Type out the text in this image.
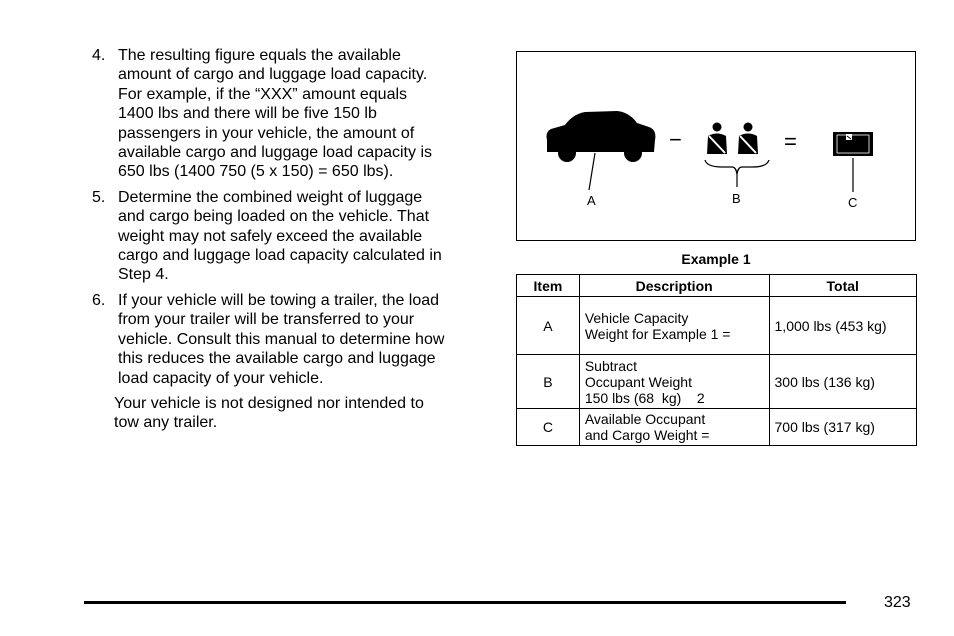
4. The resulting figure equals the available
amount of cargo and luggage load capacity.
For example, if the “XXX” amount equals
1400 lbs and there will be five 150 lb
passengers in your vehicle, the amount of
available cargo and luggage load capacity is
650 lbs (1400 750 (5 x 150) = 650 lbs).
5. Determine the combined weight of luggage
and cargo being loaded on the vehicle. That
weight may not safely exceed the available
cargo and luggage load capacity calculated in
Step 4.
6. If your vehicle will be towing a trailer, the load
from your trailer will be transferred to your
vehicle. Consult this manual to determine how
this reduces the available cargo and luggage
load capacity of your vehicle.
Your vehicle is not designed nor intended to
tow any trailer.
A
−
B
=
C
Example 1
Item	Description	Total
A	Vehicle Capacity
Weight for Example 1 =	1,000 lbs (453 kg)
B	Subtract
Occupant Weight
150 lbs (68  kg)    2	300 lbs (136 kg)
C	Available Occupant
and Cargo Weight =	700 lbs (317 kg)
323
